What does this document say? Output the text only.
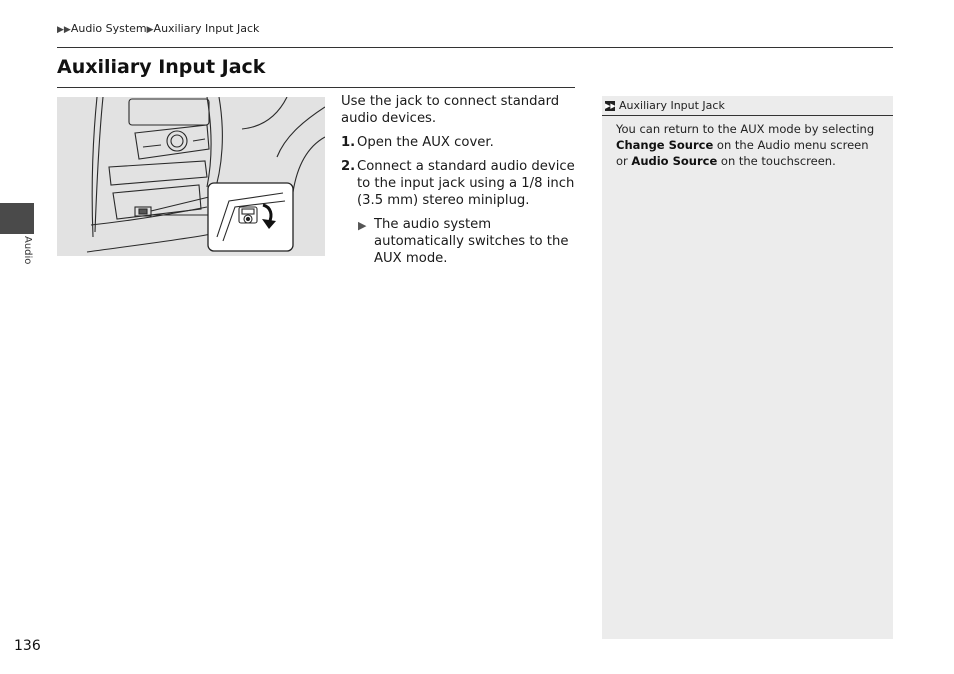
▶▶Audio System▶Auxiliary Input Jack
Auxiliary Input Jack
Audio

Use the jack to connect standard audio devices.

1. Open the AUX cover.
2. Connect a standard audio device to the input jack using a 1/8 inch (3.5 mm) stereo miniplug.
▶ The audio system automatically switches to the AUX mode.
▶▶ Auxiliary Input Jack
You can return to the AUX mode by selecting Change Source on the Audio menu screen or Audio Source on the touchscreen.
136
